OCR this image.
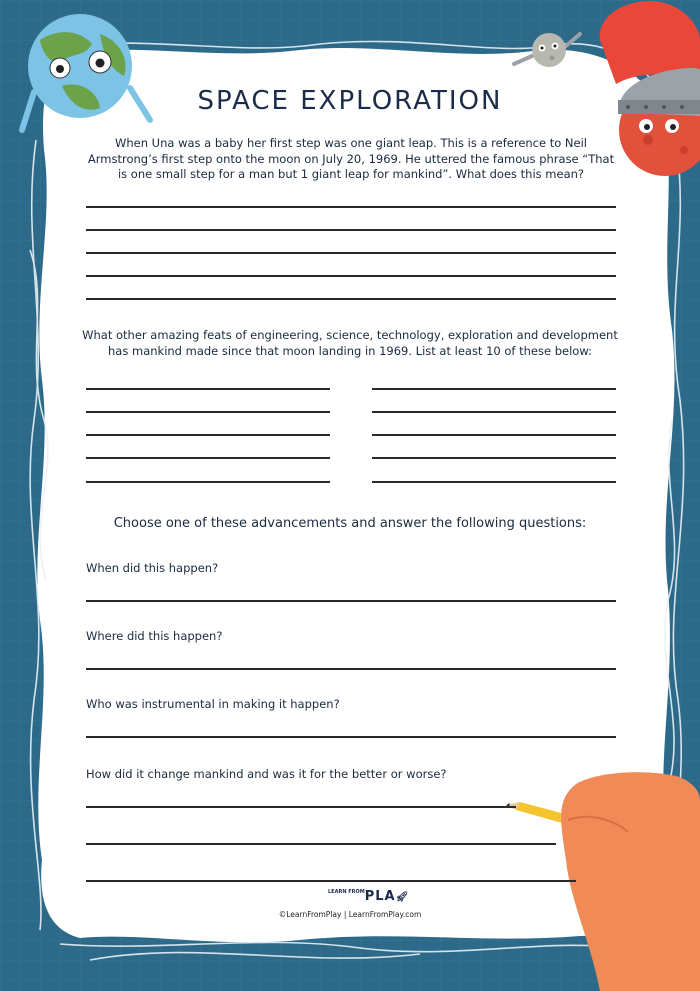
SPACE EXPLORATION
When Una was a baby her first step was one giant leap. This is a reference to Neil Armstrong’s first step onto the moon on July 20, 1969. He uttered the famous phrase “That is one small step for a man but 1 giant leap for mankind”. What does this mean?
What other amazing feats of engineering, science, technology, exploration and development has mankind made since that moon landing in 1969. List at least 10 of these below:
Choose one of these advancements and answer the following questions:
When did this happen?
Where did this happen?
Who was instrumental in making it happen?
How did it change mankind and was it for the better or worse?
$^{LEARN FROM}$PLA🚀︎
©LearnFromPlay | LearnFromPlay.com
